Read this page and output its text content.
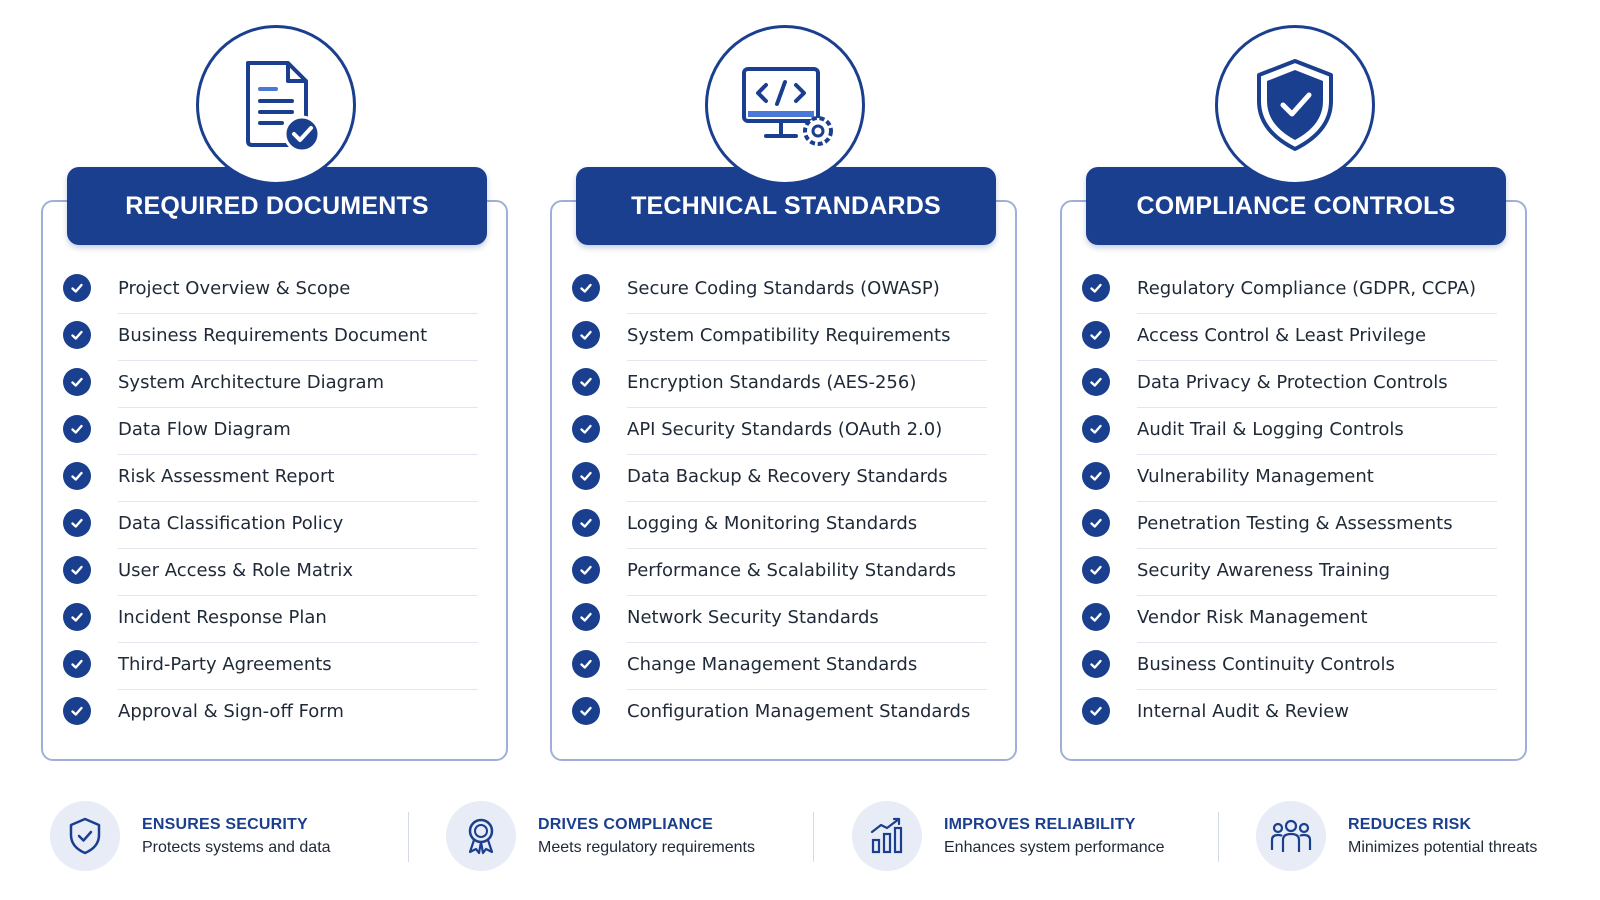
REQUIRED DOCUMENTS
Project Overview & Scope
Business Requirements Document
System Architecture Diagram
Data Flow Diagram
Risk Assessment Report
Data Classification Policy
User Access & Role Matrix
Incident Response Plan
Third-Party Agreements
Approval & Sign-off Form
TECHNICAL STANDARDS
Secure Coding Standards (OWASP)
System Compatibility Requirements
Encryption Standards (AES-256)
API Security Standards (OAuth 2.0)
Data Backup & Recovery Standards
Logging & Monitoring Standards
Performance & Scalability Standards
Network Security Standards
Change Management Standards
Configuration Management Standards
COMPLIANCE CONTROLS
Regulatory Compliance (GDPR, CCPA)
Access Control & Least Privilege
Data Privacy & Protection Controls
Audit Trail & Logging Controls
Vulnerability Management
Penetration Testing & Assessments
Security Awareness Training
Vendor Risk Management
Business Continuity Controls
Internal Audit & Review
ENSURES SECURITY
Protects systems and data
DRIVES COMPLIANCE
Meets regulatory requirements
IMPROVES RELIABILITY
Enhances system performance
REDUCES RISK
Minimizes potential threats
